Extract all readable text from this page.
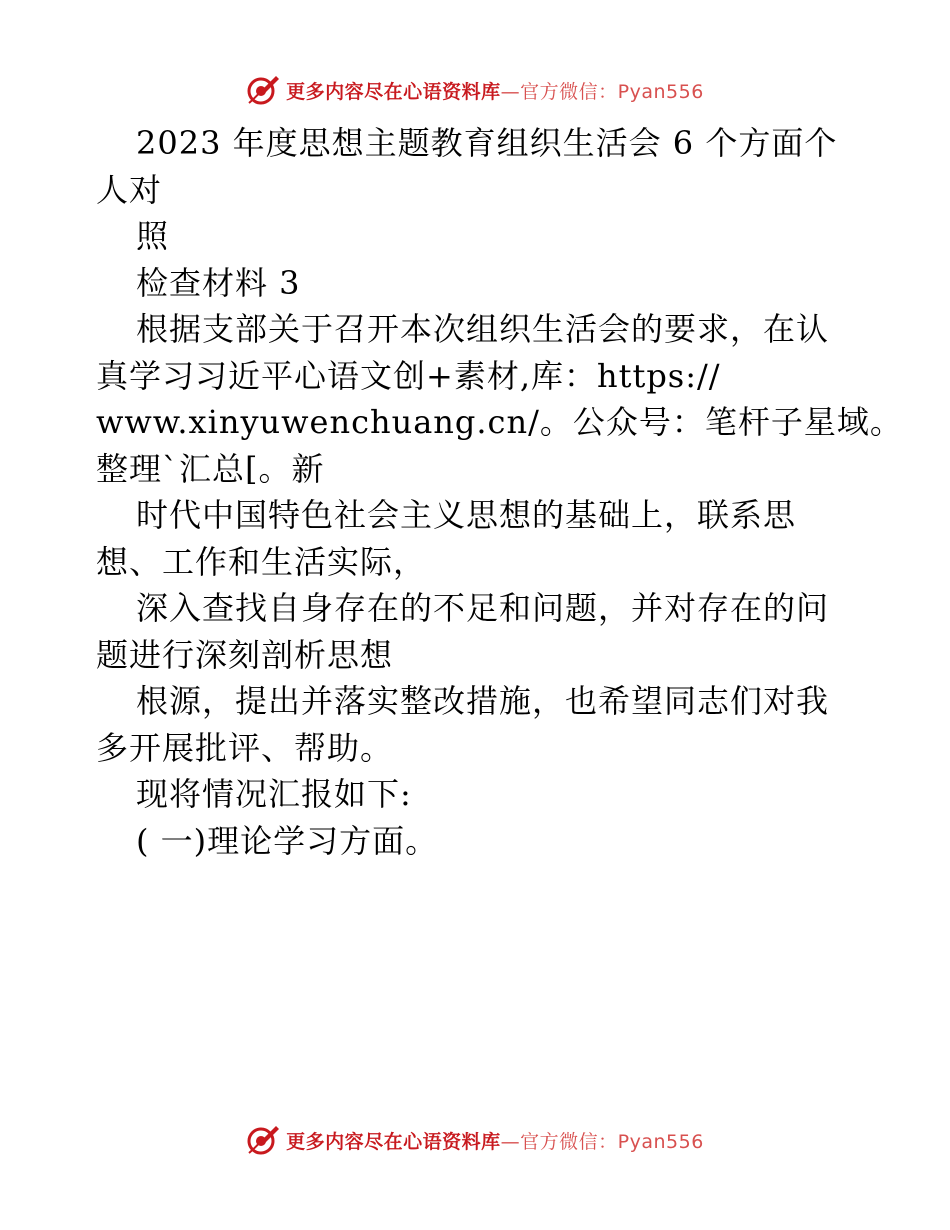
更多内容尽在心语资料库—官方微信：Pyan556
2023 年度思想主题教育组织生活会 6 个方面个
人对
照
检查材料 3
根据支部关于召开本次组织生活会的要求，在认
真学习习近平心语文创+素材,库：https://
www.xinyuwenchuang.cn/。公众号：笔杆子星域。
整理`汇总[。新
时代中国特色社会主义思想的基础上，联系思
想、工作和生活实际，
深入查找自身存在的不足和问题，并对存在的问
题进行深刻剖析思想
根源，提出并落实整改措施，也希望同志们对我
多开展批评、帮助。
现将情况汇报如下:
( 一)理论学习方面。
更多内容尽在心语资料库—官方微信：Pyan556
